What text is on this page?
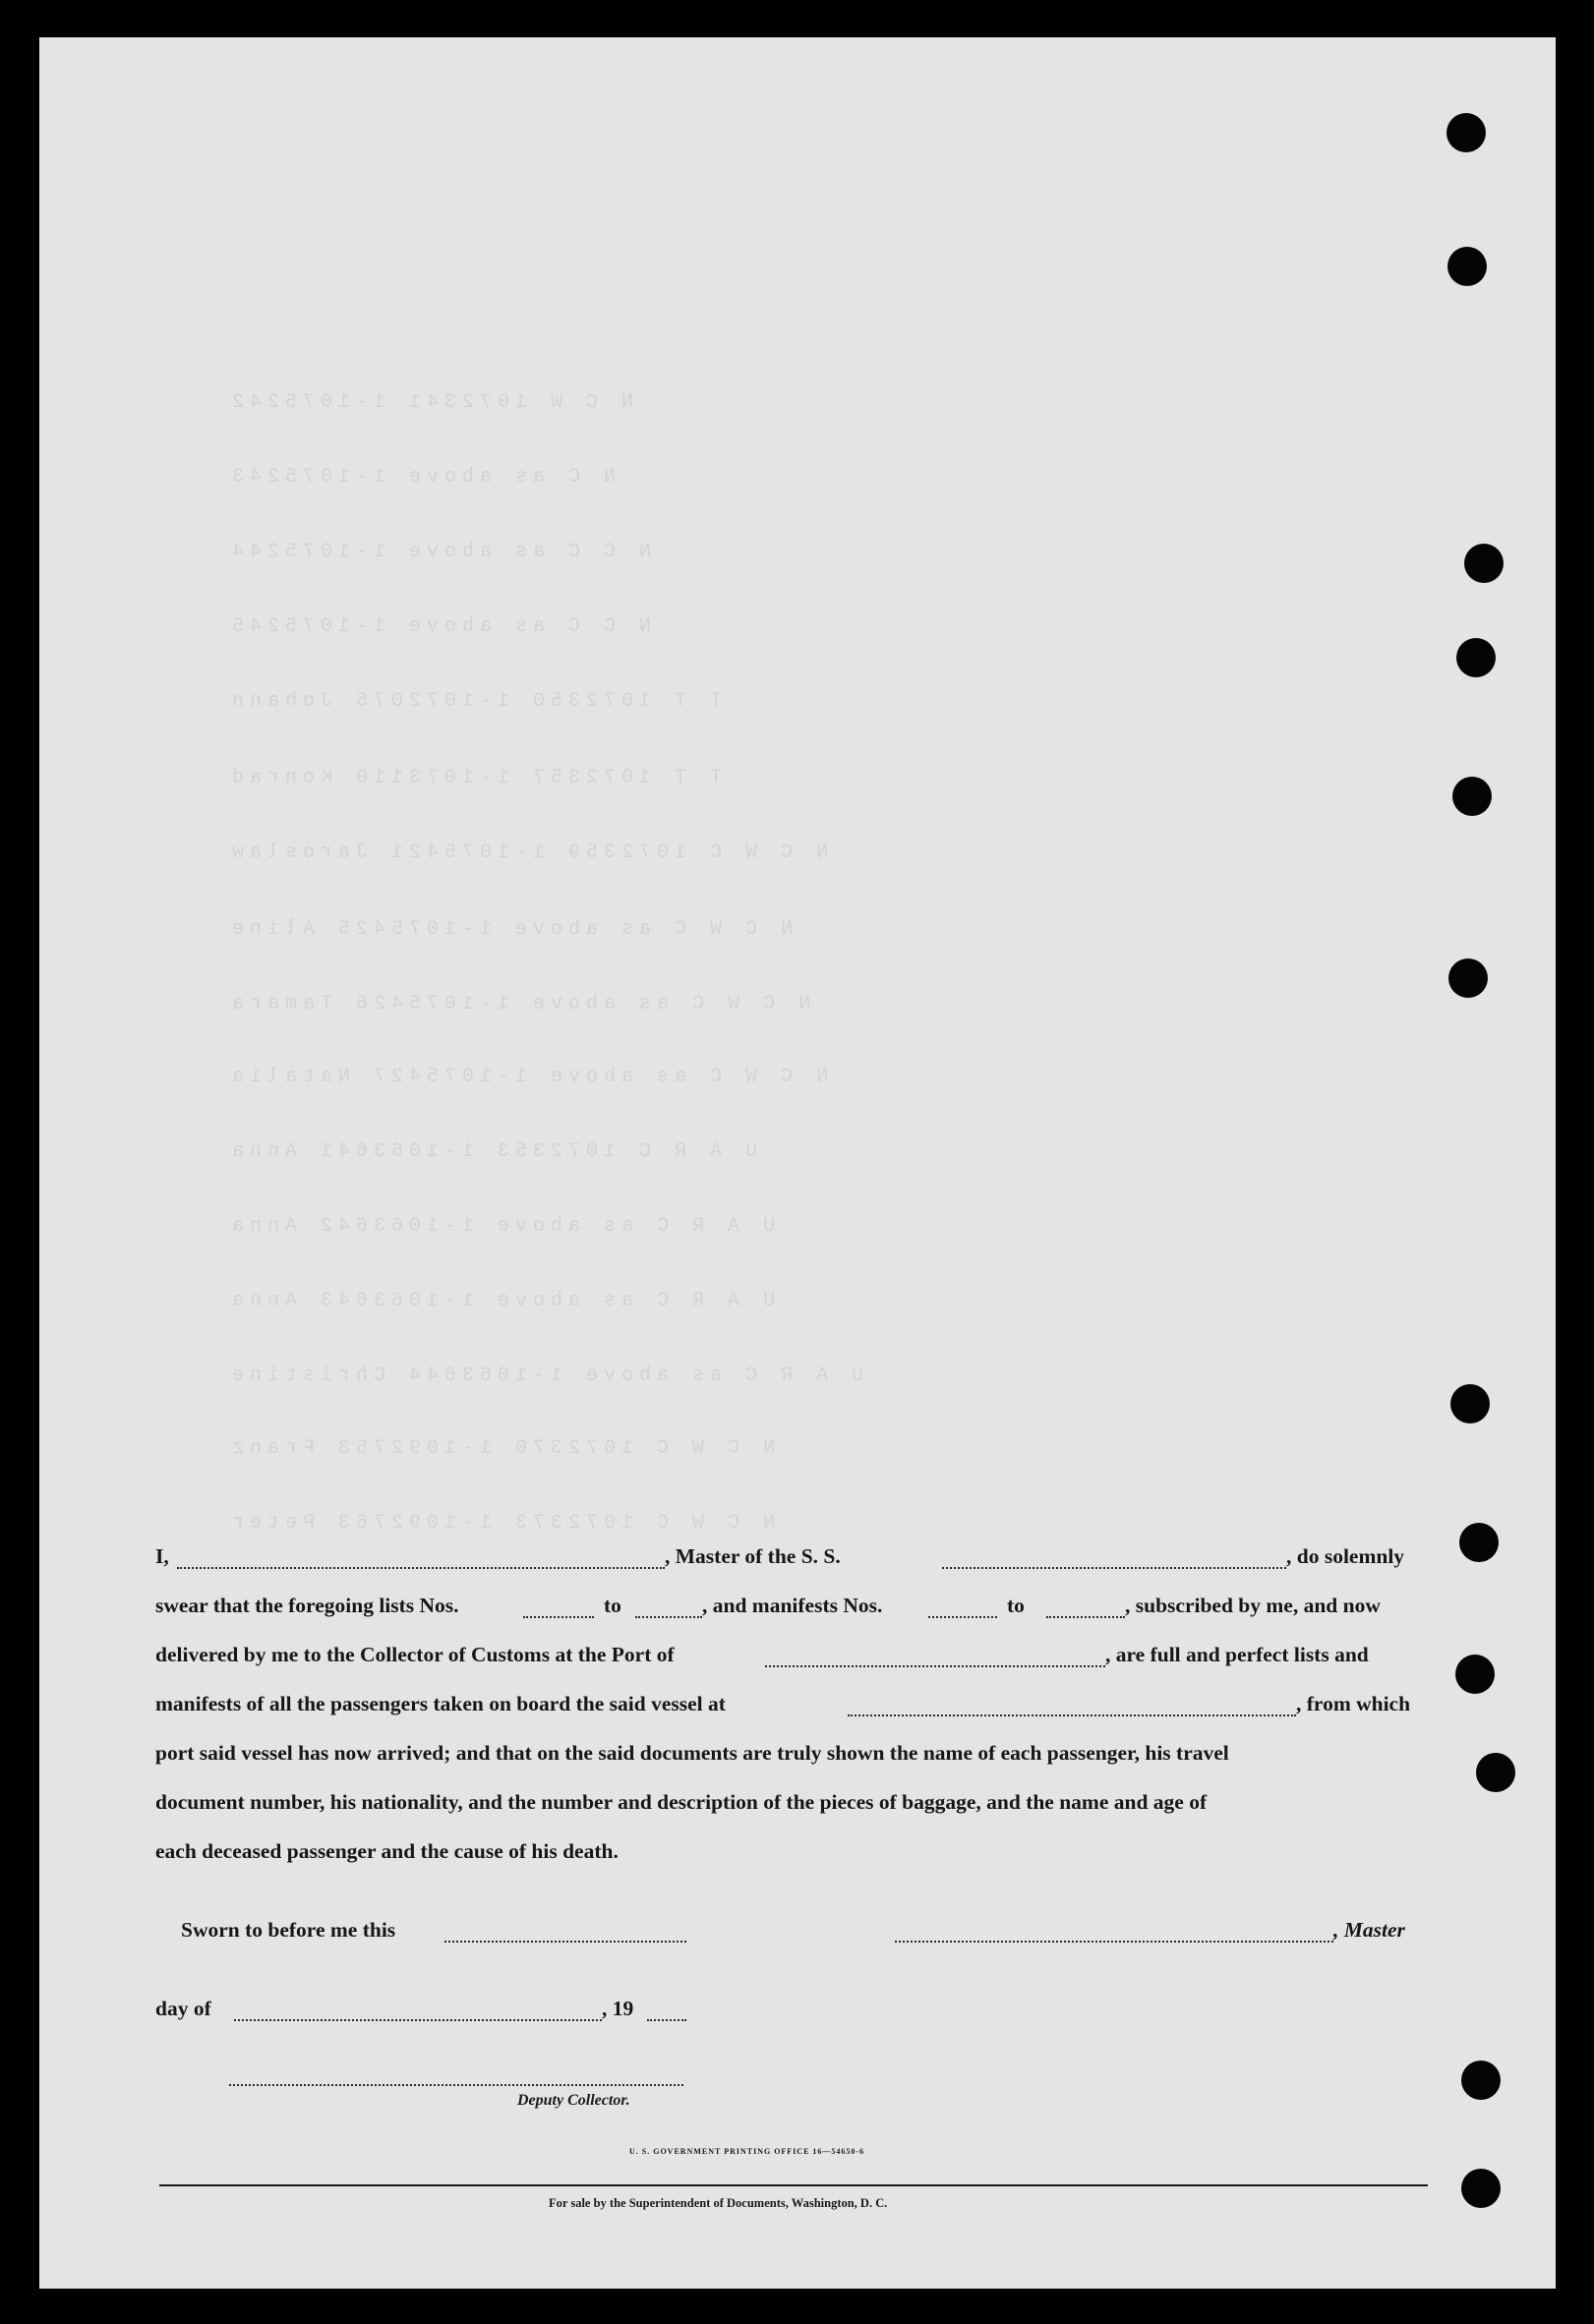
N C W 1072341 1-1075242
N C as above 1-1075243
N C C as above 1-1075244
N C C as above 1-1075245
T T 1072350 1-1072075 Johann
T T 1072357 1-1073110 Konrad
N C W C 1072359 1-1075421 Jaroslaw
N C W C as above 1-1075425 Aline
N C W C as above 1-1075426 Tamara
N C W C as above 1-1075427 Natalia
U A R C 1072353 1-1063641 Anna
U A R C as above 1-1063642 Anna
U A R C as above 1-1063643 Anna
U A R C as above 1-1063644 Christine
N C W C 1072370 1-1092753 Franz
N C W C 1072373 1-1092763 Peter
I,	, Master of the S. S.	, do solemnly
swear that the foregoing lists Nos.	to	, and manifests Nos.	to	, subscribed by me, and now
delivered by me to the Collector of Customs at the Port of	, are full and perfect lists and
manifests of all the passengers taken on board the said vessel at	, from which
port said vessel has now arrived; and that on the said documents are truly shown the name of each passenger, his travel
document number, his nationality, and the number and description of the pieces of baggage, and the name and age of
each deceased passenger and the cause of his death.
Sworn to before me this	, Master
day of	, 19
Deputy Collector.
U. S. GOVERNMENT PRINTING OFFICE 16—54650-6
For sale by the Superintendent of Documents, Washington, D. C.
